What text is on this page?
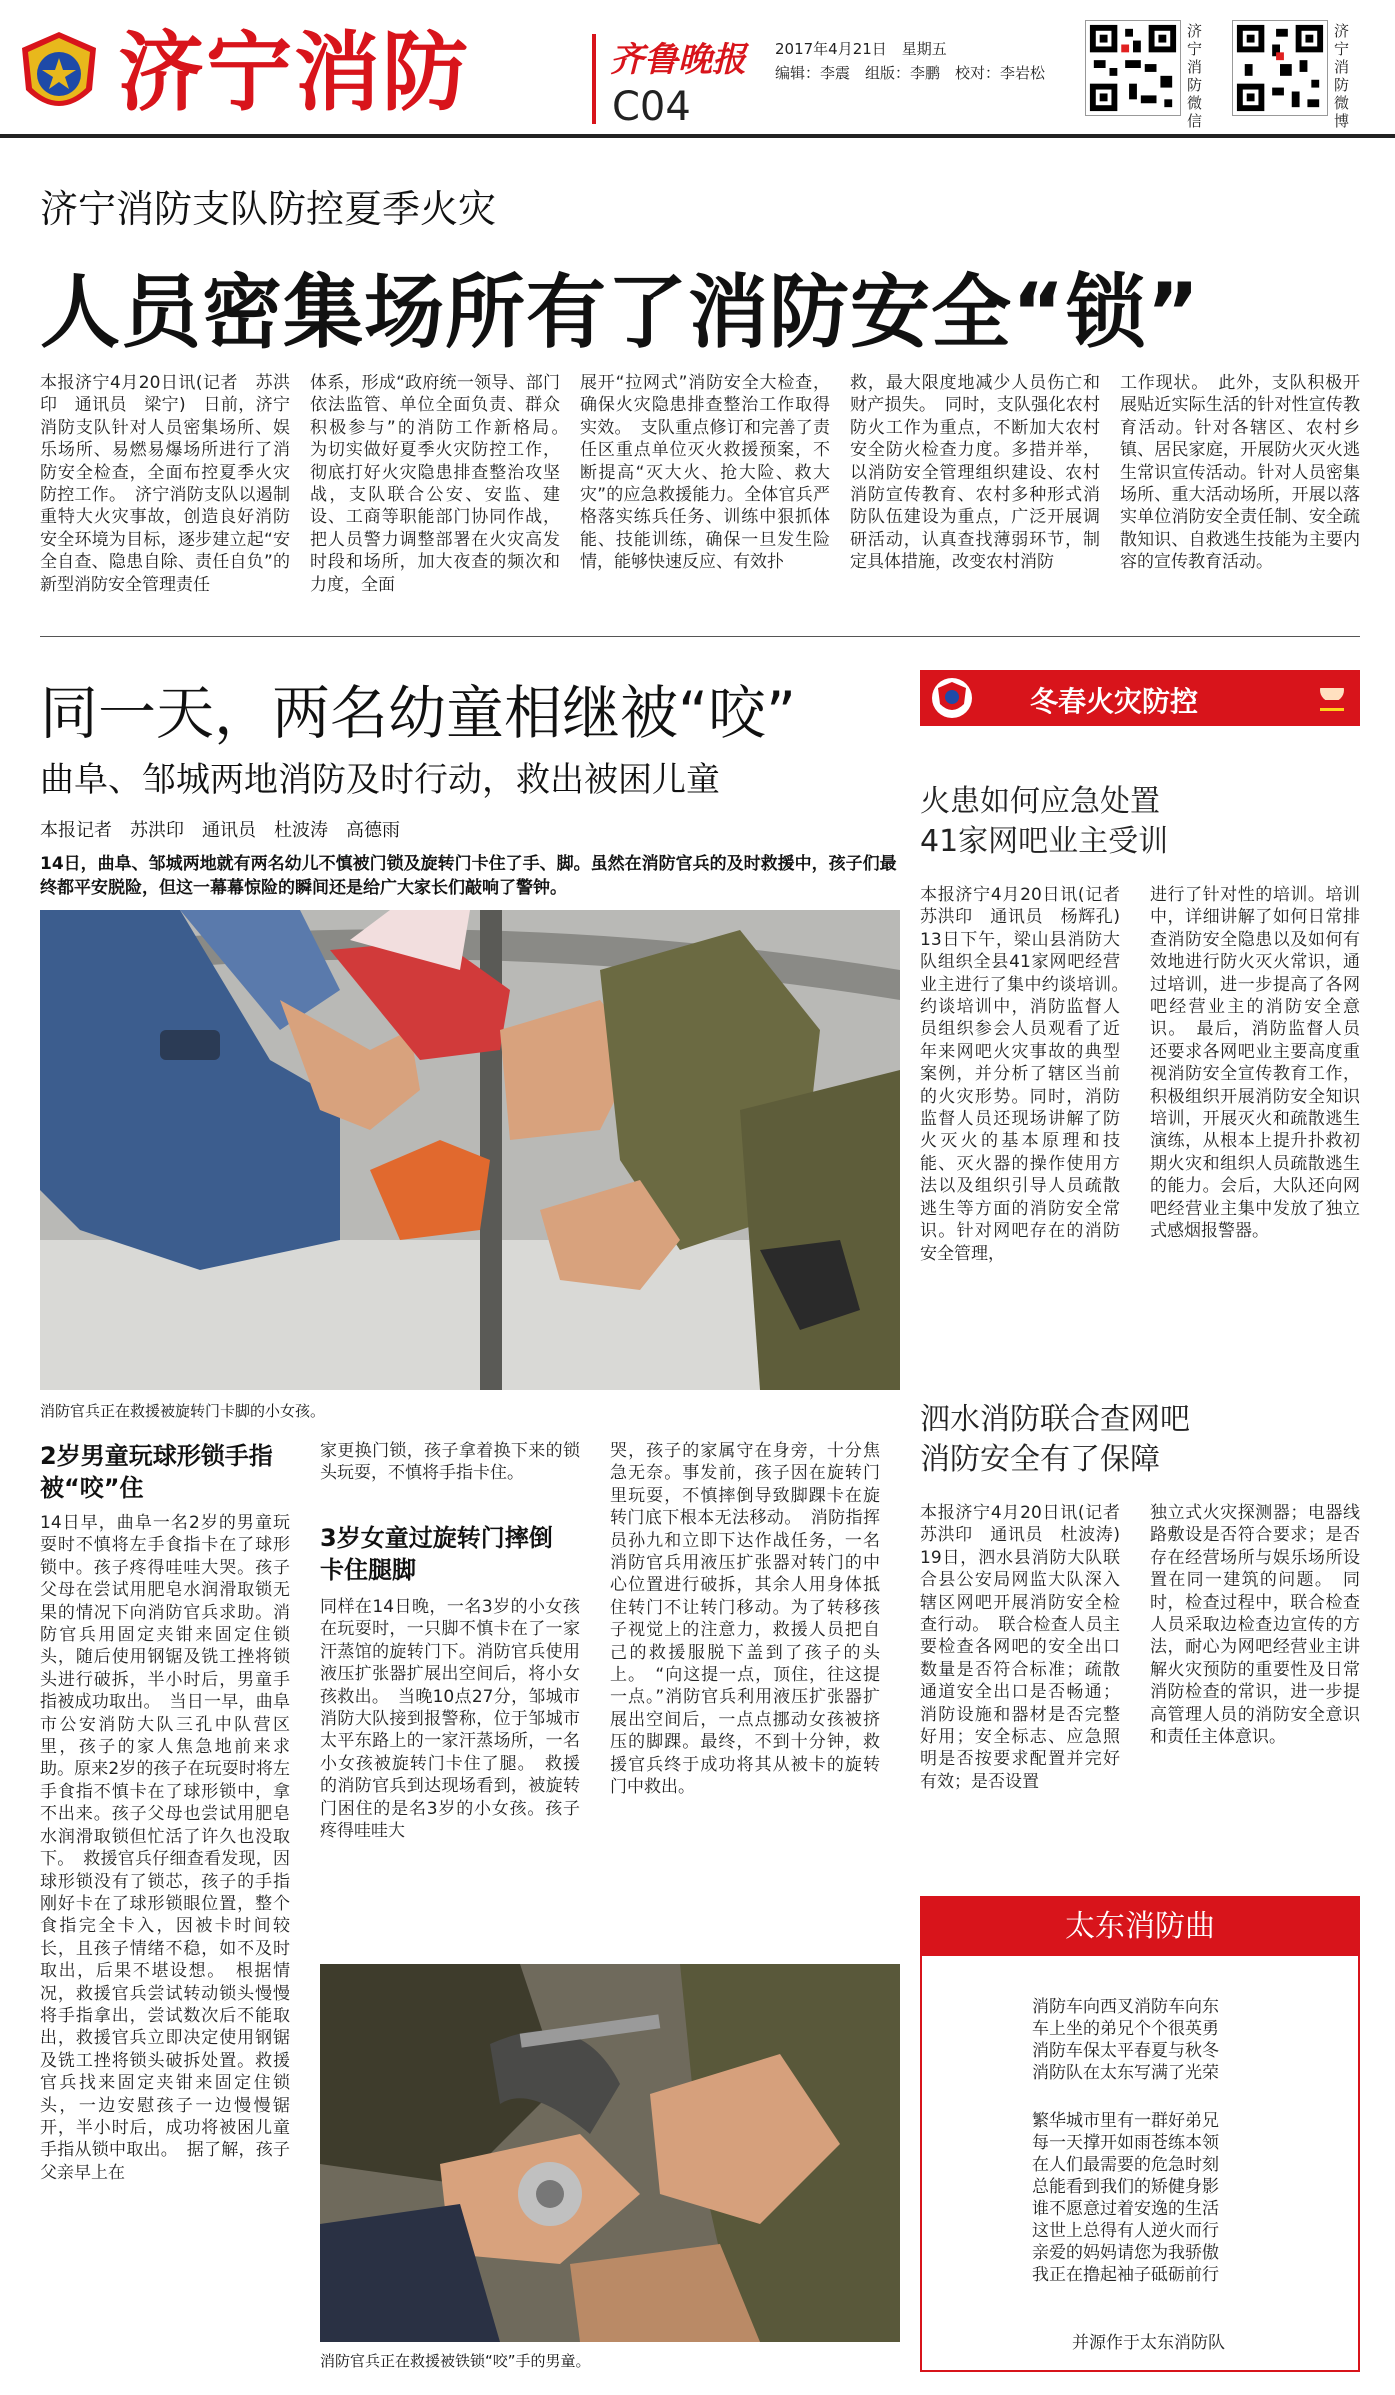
济宁消防	齐鲁晚报
C04
2017年4月21日　星期五
编辑：李震　组版：李鹏　校对：李岩松
济宁消防微信
济宁消防微博
济宁消防支队防控夏季火灾
人员密集场所有了消防安全“锁”
本报济宁4月20日讯(记者　苏洪印　通讯员　梁宁)　日前，济宁消防支队针对人员密集场所、娱乐场所、易燃易爆场所进行了消防安全检查，全面布控夏季火灾防控工作。　济宁消防支队以遏制重特大火灾事故，创造良好消防安全环境为目标，逐步建立起“安全自查、隐患自除、责任自负”的新型消防安全管理责任
体系，形成“政府统一领导、部门依法监管、单位全面负责、群众积极参与”的消防工作新格局。　为切实做好夏季火灾防控工作，彻底打好火灾隐患排查整治攻坚战，支队联合公安、安监、建设、工商等职能部门协同作战，把人员警力调整部署在火灾高发时段和场所，加大夜查的频次和力度，全面
展开“拉网式”消防安全大检查，确保火灾隐患排查整治工作取得实效。　支队重点修订和完善了责任区重点单位灭火救援预案，不断提高“灭大火、抢大险、救大灾”的应急救援能力。全体官兵严格落实练兵任务、训练中狠抓体能、技能训练，确保一旦发生险情，能够快速反应、有效扑
救，最大限度地减少人员伤亡和财产损失。　同时，支队强化农村防火工作为重点，不断加大农村安全防火检查力度。多措并举，以消防安全管理组织建设、农村消防宣传教育、农村多种形式消防队伍建设为重点，广泛开展调研活动，认真查找薄弱环节，制定具体措施，改变农村消防
工作现状。　此外，支队积极开展贴近实际生活的针对性宣传教育活动。针对各辖区、农村乡镇、居民家庭，开展防火灭火逃生常识宣传活动。针对人员密集场所、重大活动场所，开展以落实单位消防安全责任制、安全疏散知识、自救逃生技能为主要内容的宣传教育活动。
同一天，两名幼童相继被“咬”
曲阜、邹城两地消防及时行动，救出被困儿童
本报记者　苏洪印　通讯员　杜波涛　高德雨
14日，曲阜、邹城两地就有两名幼儿不慎被门锁及旋转门卡住了手、脚。虽然在消防官兵的及时救援中，孩子们最终都平安脱险，但这一幕幕惊险的瞬间还是给广大家长们敲响了警钟。
消防官兵正在救援被旋转门卡脚的小女孩。
2岁男童玩球形锁手指被“咬”住
14日早，曲阜一名2岁的男童玩耍时不慎将左手食指卡在了球形锁中。孩子疼得哇哇大哭。孩子父母在尝试用肥皂水润滑取锁无果的情况下向消防官兵求助。消防官兵用固定夹钳来固定住锁头，随后使用钢锯及铣工挫将锁头进行破拆，半小时后，男童手指被成功取出。　当日一早，曲阜市公安消防大队三孔中队营区里，孩子的家人焦急地前来求助。原来2岁的孩子在玩耍时将左手食指不慎卡在了球形锁中，拿不出来。孩子父母也尝试用肥皂水润滑取锁但忙活了许久也没取下。　救援官兵仔细查看发现，因球形锁没有了锁芯，孩子的手指刚好卡在了球形锁眼位置，整个食指完全卡入，因被卡时间较长，且孩子情绪不稳，如不及时取出，后果不堪设想。　根据情况，救援官兵尝试转动锁头慢慢将手指拿出，尝试数次后不能取出，救援官兵立即决定使用钢锯及铣工挫将锁头破拆处置。救援官兵找来固定夹钳来固定住锁头，一边安慰孩子一边慢慢锯开，半小时后，成功将被困儿童手指从锁中取出。　据了解，孩子父亲早上在
家更换门锁，孩子拿着换下来的锁头玩耍，不慎将手指卡住。
3岁女童过旋转门摔倒卡住腿脚
同样在14日晚，一名3岁的小女孩在玩耍时，一只脚不慎卡在了一家汗蒸馆的旋转门下。消防官兵使用液压扩张器扩展出空间后，将小女孩救出。　当晚10点27分，邹城市消防大队接到报警称，位于邹城市太平东路上的一家汗蒸场所，一名小女孩被旋转门卡住了腿。　救援的消防官兵到达现场看到，被旋转门困住的是名3岁的小女孩。孩子疼得哇哇大
哭，孩子的家属守在身旁，十分焦急无奈。事发前，孩子因在旋转门里玩耍，不慎摔倒导致脚踝卡在旋转门底下根本无法移动。　消防指挥员孙九和立即下达作战任务，一名消防官兵用液压扩张器对转门的中心位置进行破拆，其余人用身体抵住转门不让转门移动。为了转移孩子视觉上的注意力，救援人员把自己的救援服脱下盖到了孩子的头上。　“向这提一点，顶住，往这提一点。”消防官兵利用液压扩张器扩展出空间后，一点点挪动女孩被挤压的脚踝。最终，不到十分钟，救援官兵终于成功将其从被卡的旋转门中救出。
消防官兵正在救援被铁锁“咬”手的男童。
冬春火灾防控
火患如何应急处置
41家网吧业主受训
本报济宁4月20日讯(记者　苏洪印　通讯员　杨辉孔)　13日下午，梁山县消防大队组织全县41家网吧经营业主进行了集中约谈培训。　约谈培训中，消防监督人员组织参会人员观看了近年来网吧火灾事故的典型案例，并分析了辖区当前的火灾形势。同时，消防监督人员还现场讲解了防火灭火的基本原理和技能、灭火器的操作使用方法以及组织引导人员疏散逃生等方面的消防安全常识。针对网吧存在的消防安全管理，
进行了针对性的培训。培训中，详细讲解了如何日常排查消防安全隐患以及如何有效地进行防火灭火常识，通过培训，进一步提高了各网吧经营业主的消防安全意识。　最后，消防监督人员还要求各网吧业主要高度重视消防安全宣传教育工作，积极组织开展消防安全知识培训，开展灭火和疏散逃生演练，从根本上提升扑救初期火灾和组织人员疏散逃生的能力。会后，大队还向网吧经营业主集中发放了独立式感烟报警器。
泗水消防联合查网吧
消防安全有了保障
本报济宁4月20日讯(记者　苏洪印　通讯员　杜波涛)　19日，泗水县消防大队联合县公安局网监大队深入辖区网吧开展消防安全检查行动。　联合检查人员主要检查各网吧的安全出口数量是否符合标准；疏散通道安全出口是否畅通；消防设施和器材是否完整好用；安全标志、应急照明是否按要求配置并完好有效；是否设置
独立式火灾探测器；电器线路敷设是否符合要求；是否存在经营场所与娱乐场所设置在同一建筑的问题。　同时，检查过程中，联合检查人员采取边检查边宣传的方法，耐心为网吧经营业主讲解火灾预防的重要性及日常消防检查的常识，进一步提高管理人员的消防安全意识和责任主体意识。
太东消防曲
消防车向西叉消防车向东
车上坐的弟兄个个很英勇
消防车保太平春夏与秋冬
消防队在太东写满了光荣
繁华城市里有一群好弟兄
每一天撑开如雨苍练本领
在人们最需要的危急时刻
总能看到我们的矫健身影
谁不愿意过着安逸的生活
这世上总得有人逆火而行
亲爱的妈妈请您为我骄傲
我正在撸起袖子砥砺前行
并源作于太东消防队
